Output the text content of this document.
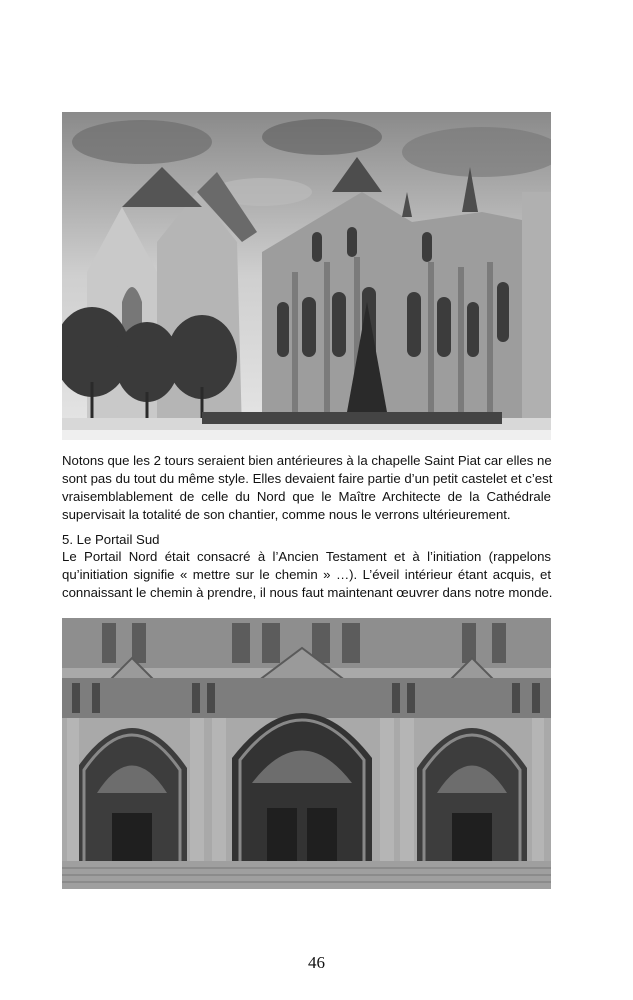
Notons que les 2 tours seraient bien antérieures à la chapelle Saint Piat car elles ne
sont pas du tout du même style. Elles devaient faire partie d’un petit castelet et c’est
vraisemblablement de celle du Nord que le Maître Architecte de la Cathédrale
supervisait la totalité de son chantier, comme nous le verrons ultérieurement.

5. Le Portail Sud

Le Portail Nord était consacré à l’Ancien Testament et à l’initiation (rappelons
qu’initiation signifie « mettre sur le chemin » …). L’éveil intérieur étant acquis, et
connaissant le chemin à prendre, il nous faut maintenant œuvrer dans notre monde.

46
